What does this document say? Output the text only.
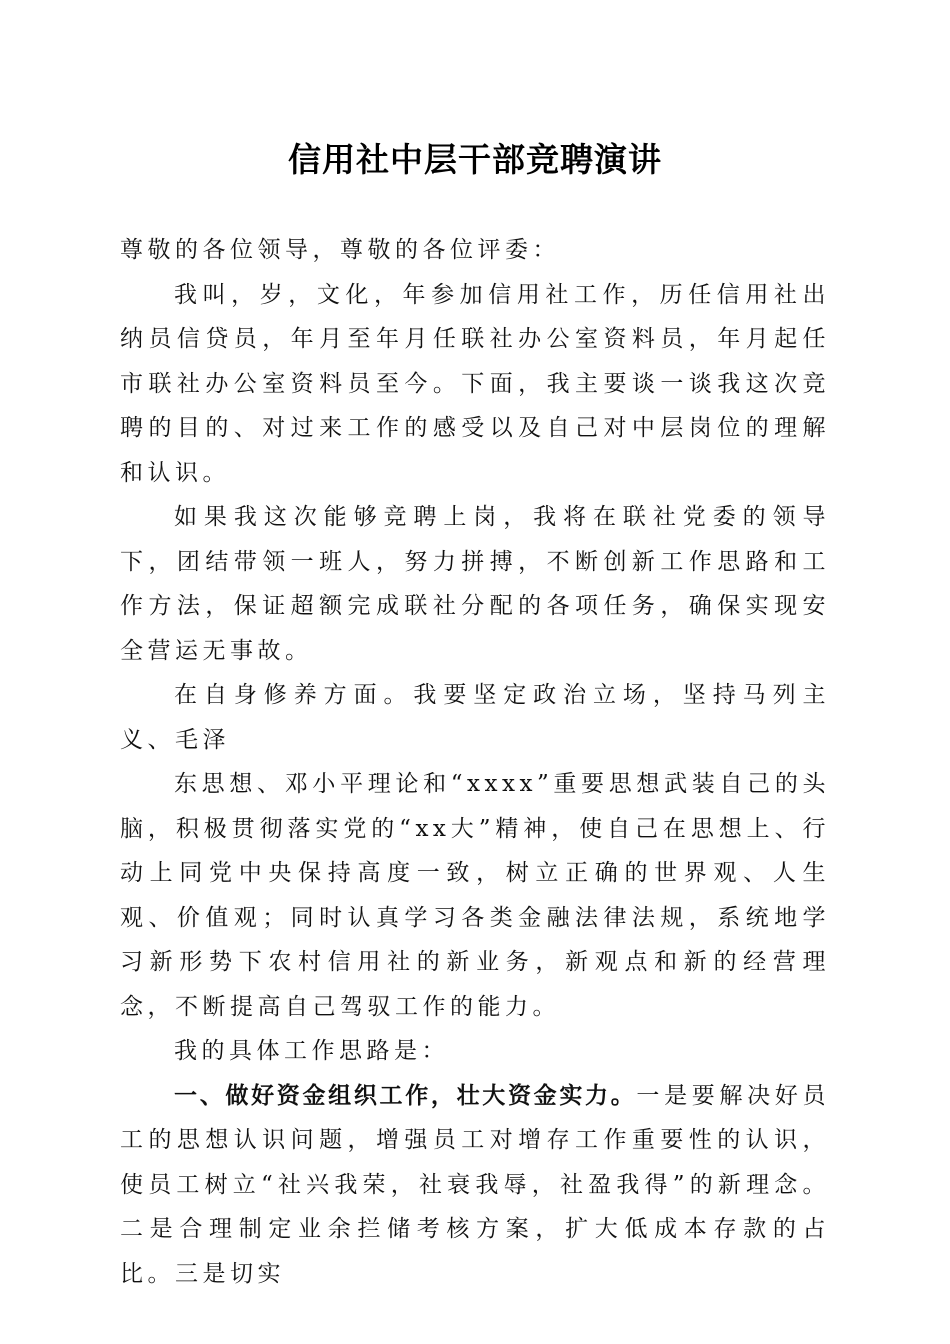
信用社中层干部竞聘演讲

尊敬的各位领导，尊敬的各位评委：

我叫，岁，文化，年参加信用社工作，历任信用社出纳员信贷员，年月至年月任联社办公室资料员，年月起任市联社办公室资料员至今。下面，我主要谈一谈我这次竞聘的目的、对过来工作的感受以及自己对中层岗位的理解和认识。

如果我这次能够竞聘上岗，我将在联社党委的领导下，团结带领一班人，努力拼搏，不断创新工作思路和工作方法，保证超额完成联社分配的各项任务，确保实现安全营运无事故。

在自身修养方面。我要坚定政治立场，坚持马列主义、毛泽

东思想、邓小平理论和“xxxx”重要思想武装自己的头脑，积极贯彻落实党的“xx大”精神，使自己在思想上、行动上同党中央保持高度一致，树立正确的世界观、人生观、价值观；同时认真学习各类金融法律法规，系统地学习新形势下农村信用社的新业务，新观点和新的经营理念，不断提高自己驾驭工作的能力。

我的具体工作思路是：

一、做好资金组织工作，壮大资金实力。一是要解决好员工的思想认识问题，增强员工对增存工作重要性的认识，使员工树立“社兴我荣，社衰我辱，社盈我得”的新理念。二是合理制定业余拦储考核方案，扩大低成本存款的占比。三是切实
